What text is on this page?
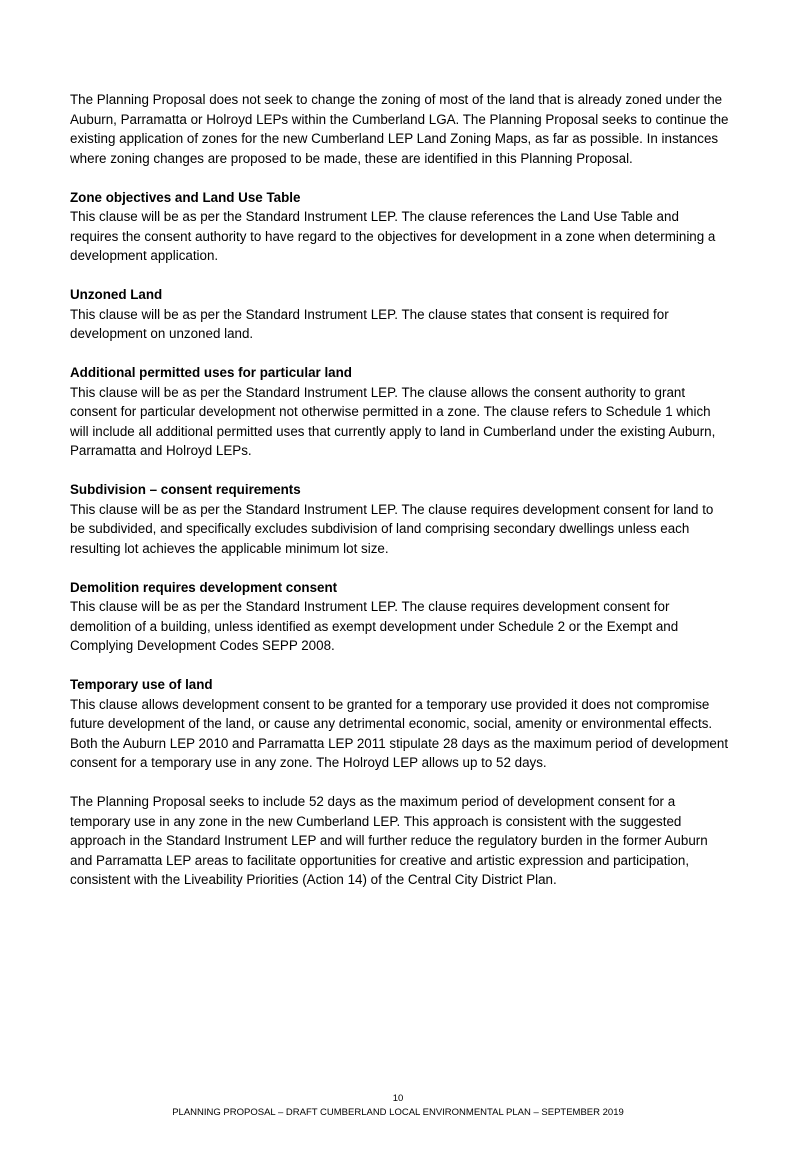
The Planning Proposal does not seek to change the zoning of most of the land that is already zoned under the Auburn, Parramatta or Holroyd LEPs within the Cumberland LGA. The Planning Proposal seeks to continue the existing application of zones for the new Cumberland LEP Land Zoning Maps, as far as possible. In instances where zoning changes are proposed to be made, these are identified in this Planning Proposal.

Zone objectives and Land Use Table

This clause will be as per the Standard Instrument LEP. The clause references the Land Use Table and requires the consent authority to have regard to the objectives for development in a zone when determining a development application.

Unzoned Land

This clause will be as per the Standard Instrument LEP. The clause states that consent is required for development on unzoned land.

Additional permitted uses for particular land

This clause will be as per the Standard Instrument LEP. The clause allows the consent authority to grant consent for particular development not otherwise permitted in a zone. The clause refers to Schedule 1 which will include all additional permitted uses that currently apply to land in Cumberland under the existing Auburn, Parramatta and Holroyd LEPs.

Subdivision – consent requirements

This clause will be as per the Standard Instrument LEP. The clause requires development consent for land to be subdivided, and specifically excludes subdivision of land comprising secondary dwellings unless each resulting lot achieves the applicable minimum lot size.

Demolition requires development consent

This clause will be as per the Standard Instrument LEP. The clause requires development consent for demolition of a building, unless identified as exempt development under Schedule 2 or the Exempt and Complying Development Codes SEPP 2008.

Temporary use of land

This clause allows development consent to be granted for a temporary use provided it does not compromise future development of the land, or cause any detrimental economic, social, amenity or environmental effects. Both the Auburn LEP 2010 and Parramatta LEP 2011 stipulate 28 days as the maximum period of development consent for a temporary use in any zone. The Holroyd LEP allows up to 52 days.

The Planning Proposal seeks to include 52 days as the maximum period of development consent for a temporary use in any zone in the new Cumberland LEP. This approach is consistent with the suggested approach in the Standard Instrument LEP and will further reduce the regulatory burden in the former Auburn and Parramatta LEP areas to facilitate opportunities for creative and artistic expression and participation, consistent with the Liveability Priorities (Action 14) of the Central City District Plan.

10
PLANNING PROPOSAL – DRAFT CUMBERLAND LOCAL ENVIRONMENTAL PLAN – SEPTEMBER 2019
